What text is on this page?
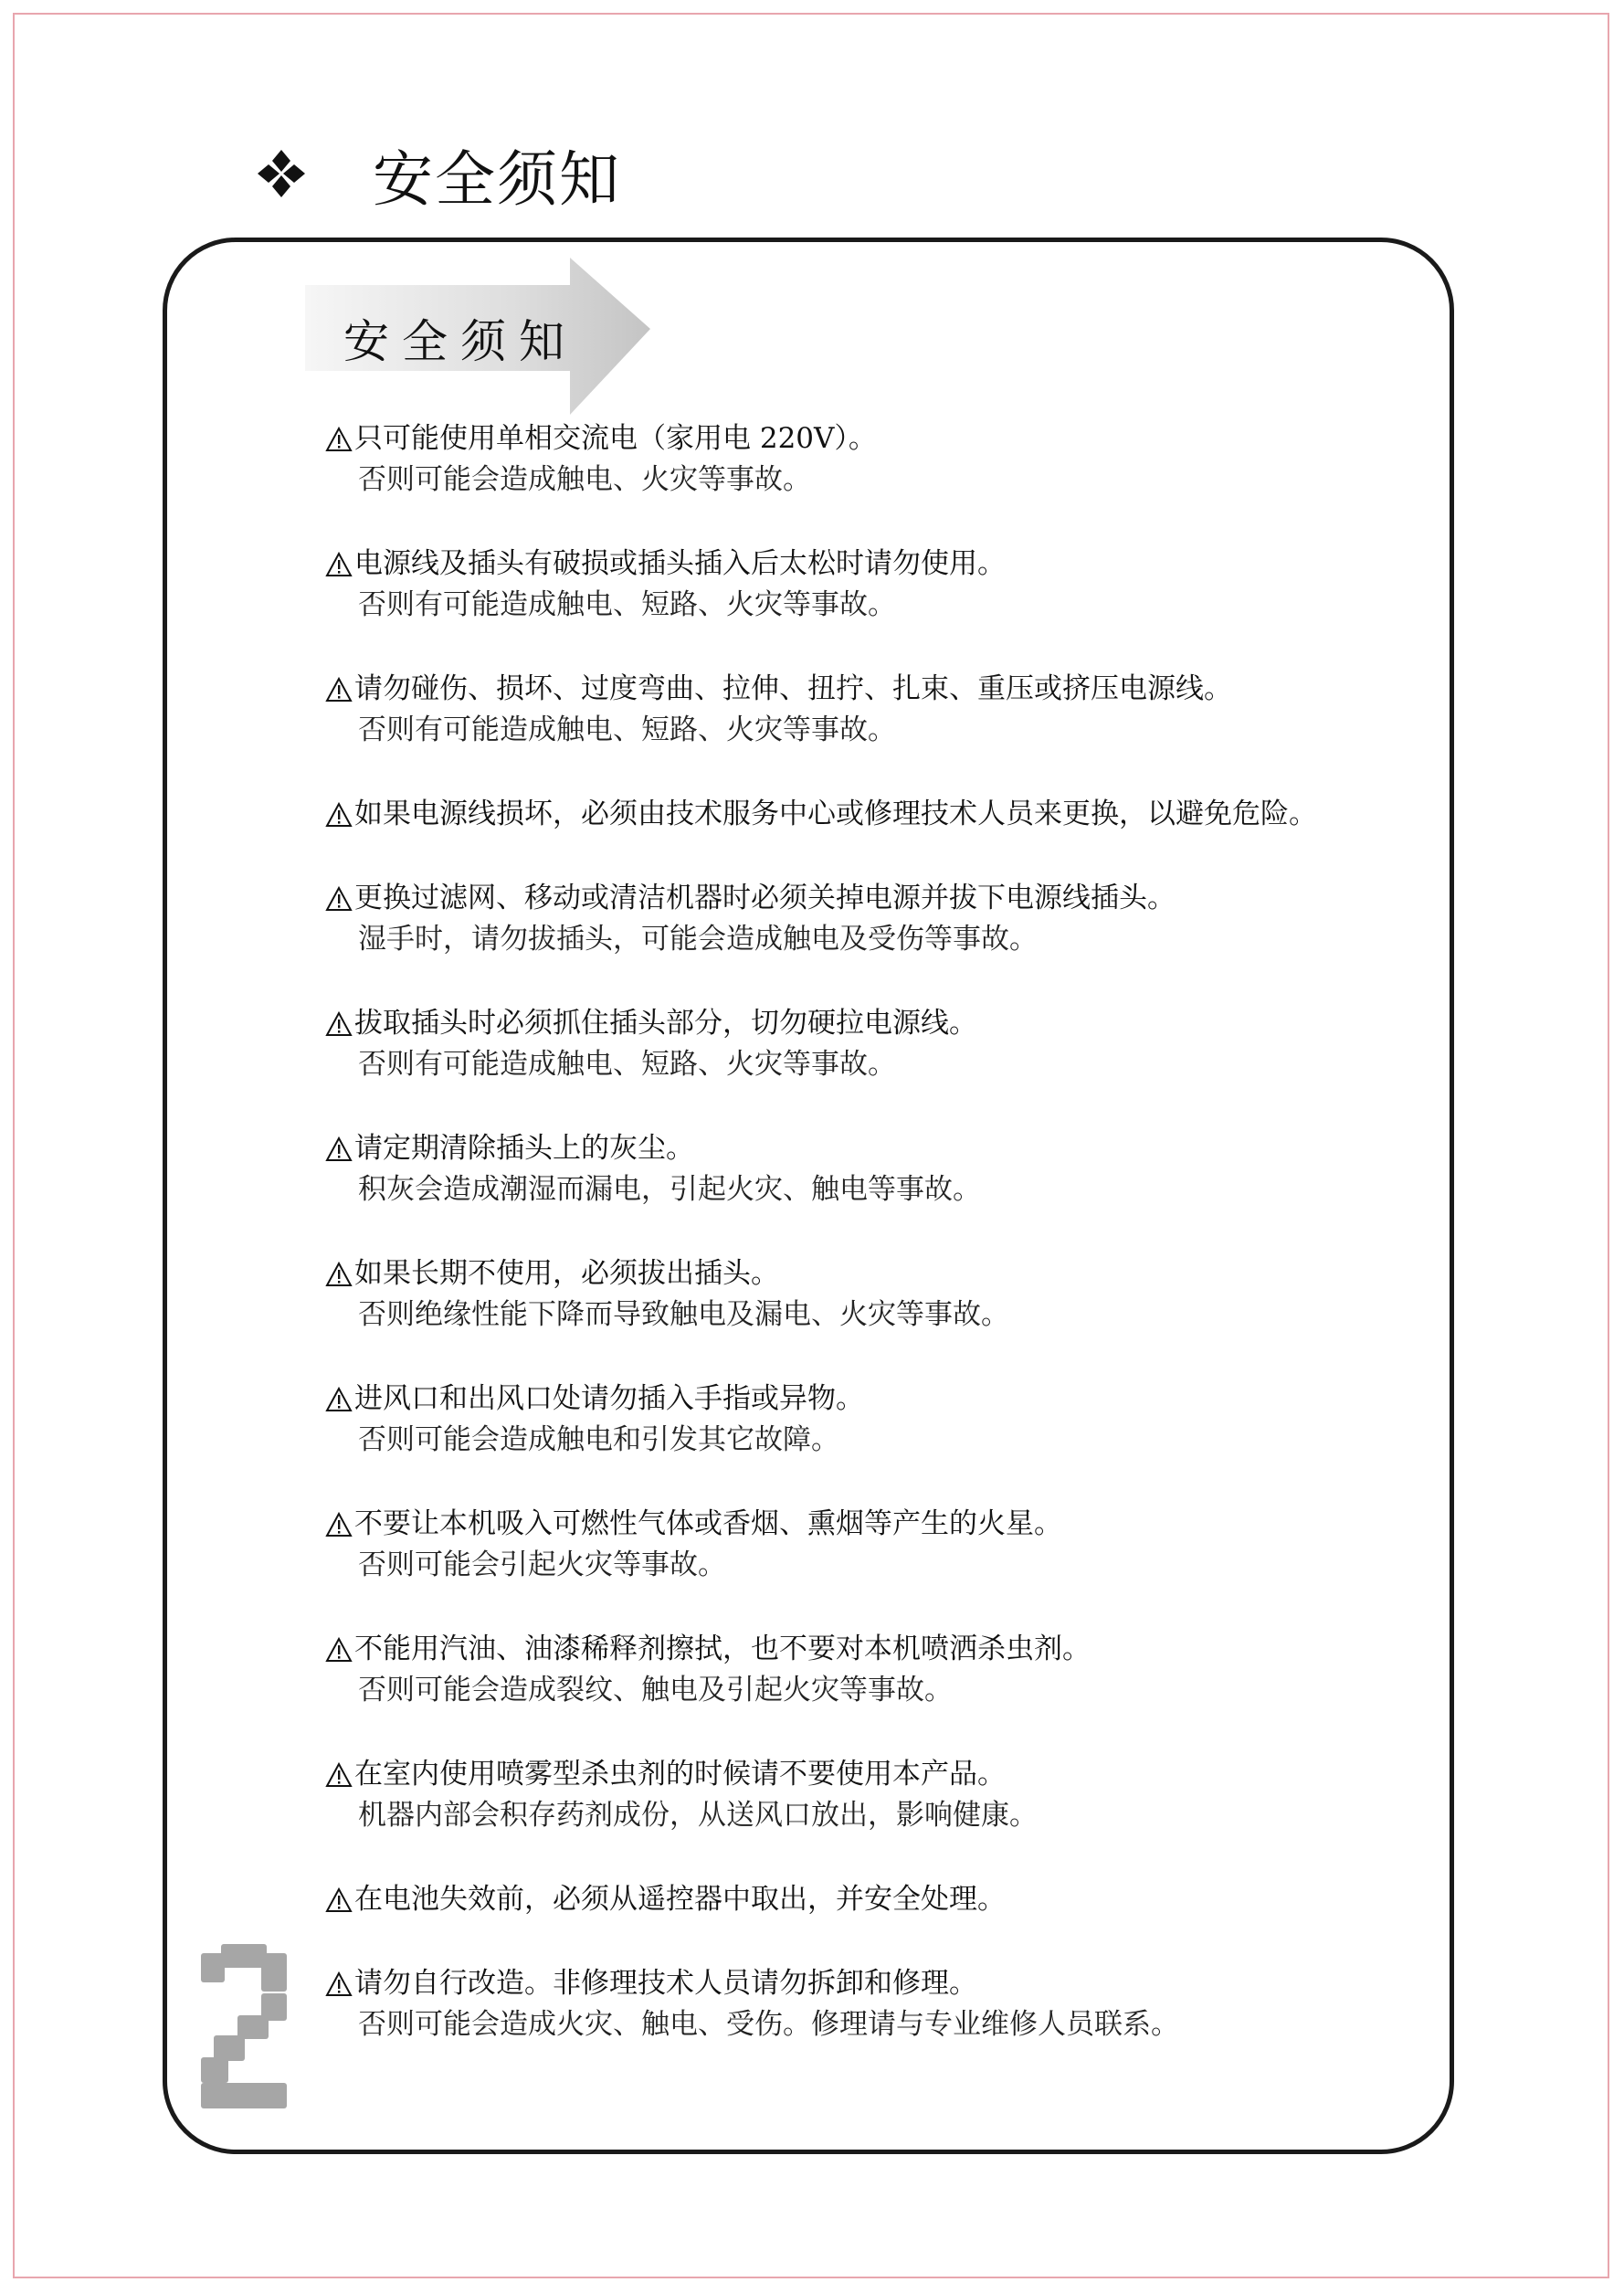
安全须知
安全须知
只可能使用单相交流电（家用电 220V）。
否则可能会造成触电、火灾等事故。
电源线及插头有破损或插头插入后太松时请勿使用。
否则有可能造成触电、短路、火灾等事故。
请勿碰伤、损坏、过度弯曲、拉伸、扭拧、扎束、重压或挤压电源线。
否则有可能造成触电、短路、火灾等事故。
如果电源线损坏，必须由技术服务中心或修理技术人员来更换，以避免危险。
更换过滤网、移动或清洁机器时必须关掉电源并拔下电源线插头。
湿手时，请勿拔插头，可能会造成触电及受伤等事故。
拔取插头时必须抓住插头部分，切勿硬拉电源线。
否则有可能造成触电、短路、火灾等事故。
请定期清除插头上的灰尘。
积灰会造成潮湿而漏电，引起火灾、触电等事故。
如果长期不使用，必须拔出插头。
否则绝缘性能下降而导致触电及漏电、火灾等事故。
进风口和出风口处请勿插入手指或异物。
否则可能会造成触电和引发其它故障。
不要让本机吸入可燃性气体或香烟、熏烟等产生的火星。
否则可能会引起火灾等事故。
不能用汽油、油漆稀释剂擦拭，也不要对本机喷洒杀虫剂。
否则可能会造成裂纹、触电及引起火灾等事故。
在室内使用喷雾型杀虫剂的时候请不要使用本产品。
机器内部会积存药剂成份，从送风口放出，影响健康。
在电池失效前，必须从遥控器中取出，并安全处理。
请勿自行改造。非修理技术人员请勿拆卸和修理。
否则可能会造成火灾、触电、受伤。修理请与专业维修人员联系。
